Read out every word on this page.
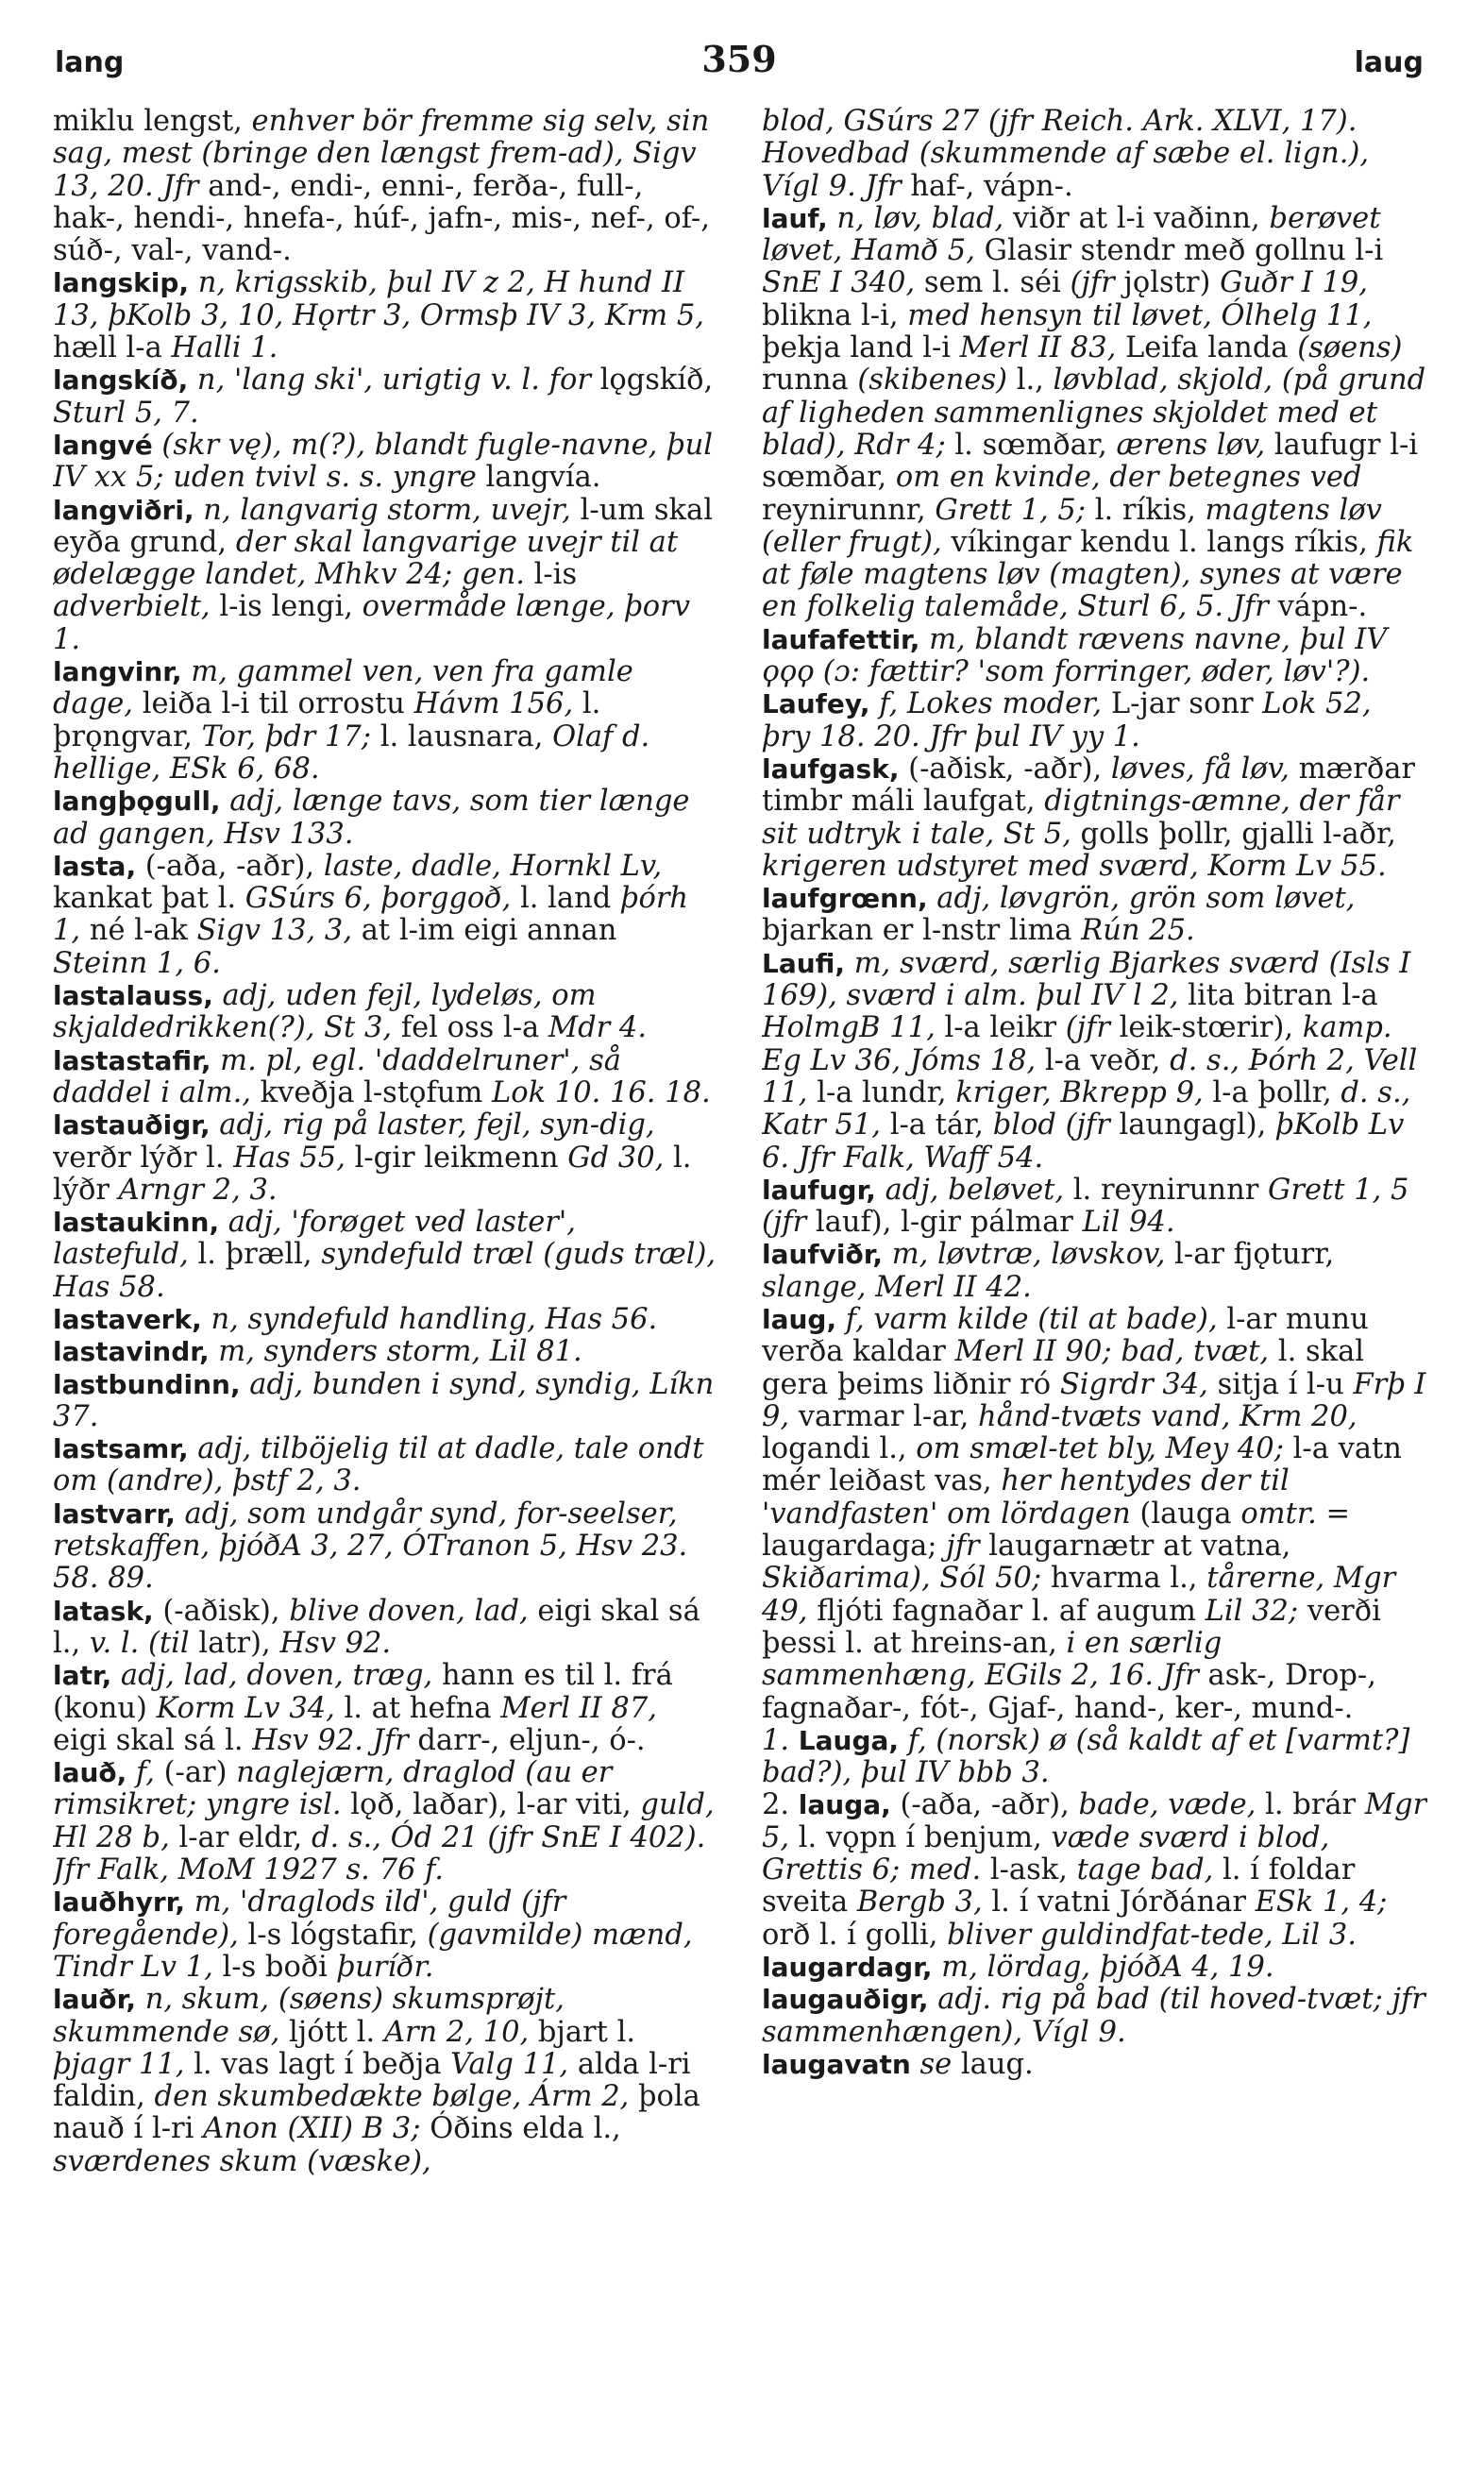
lang	359	laug

miklu lengst, enhver bör fremme sig selv, sin sag, mest (bringe den længst frem-ad), Sigv 13, 20. Jfr and-, endi-, enni-, ferða-, full-, hak-, hendi-, hnefa-, húf-, jafn-, mis-, nef-, of-, súð-, val-, vand-.

langskip, n, krigsskib, þul IV z 2, H hund II 13, þKolb 3, 10, Hǫrtr 3, Ormsþ IV 3, Krm 5, hæll l-a Halli 1.

langskíð, n, 'lang ski', urigtig v. l. for lǫgskíð, Sturl 5, 7.

langvé (skr vę), m(?), blandt fugle-navne, þul IV xx 5; uden tvivl s. s. yngre langvía.

langviðri, n, langvarig storm, uvejr, l-um skal eyða grund, der skal langvarige uvejr til at ødelægge landet, Mhkv 24; gen. l-is adverbielt, l-is lengi, overmåde længe, þorv 1.

langvinr, m, gammel ven, ven fra gamle dage, leiða l-i til orrostu Hávm 156, l. þrǫngvar, Tor, þdr 17; l. lausnara, Olaf d. hellige, ESk 6, 68.

langþǫgull, adj, længe tavs, som tier længe ad gangen, Hsv 133.

lasta, (-aða, -aðr), laste, dadle, Hornkl Lv, kankat þat l. GSúrs 6, þorggoð, l. land þórh 1, né l-ak Sigv 13, 3, at l-im eigi annan Steinn 1, 6.

lastalauss, adj, uden fejl, lydeløs, om skjaldedrikken(?), St 3, fel oss l-a Mdr 4.

lastastafir, m. pl, egl. 'daddelruner', så daddel i alm., kveðja l-stǫfum Lok 10. 16. 18.

lastauðigr, adj, rig på laster, fejl, syn-dig, verðr lýðr l. Has 55, l-gir leikmenn Gd 30, l. lýðr Arngr 2, 3.

lastaukinn, adj, 'forøget ved laster', lastefuld, l. þræll, syndefuld træl (guds træl), Has 58.

lastaverk, n, syndefuld handling, Has 56.

lastavindr, m, synders storm, Lil 81.

lastbundinn, adj, bunden i synd, syndig, Líkn 37.

lastsamr, adj, tilböjelig til at dadle, tale ondt om (andre), þstf 2, 3.

lastvarr, adj, som undgår synd, for-seelser, retskaffen, þjóðA 3, 27, ÓTranon 5, Hsv 23. 58. 89.

latask, (-aðisk), blive doven, lad, eigi skal sá l., v. l. (til latr), Hsv 92.

latr, adj, lad, doven, træg, hann es til l. frá (konu) Korm Lv 34, l. at hefna Merl II 87, eigi skal sá l. Hsv 92. Jfr darr-, eljun-, ó-.

lauð, f, (-ar) naglejærn, draglod (au er rimsikret; yngre isl. lǫð, laðar), l-ar viti, guld, Hl 28 b, l-ar eldr, d. s., Ód 21 (jfr SnE I 402). Jfr Falk, MoM 1927 s. 76 f.

lauðhyrr, m, 'draglods ild', guld (jfr foregående), l-s lógstafir, (gavmilde) mænd, Tindr Lv 1, l-s boði þuríðr.

lauðr, n, skum, (søens) skumsprøjt, skummende sø, ljótt l. Arn 2, 10, bjart l. þjagr 11, l. vas lagt í beðja Valg 11, alda l-ri faldin, den skumbedækte bølge, Árm 2, þola nauð í l-ri Anon (XII) B 3; Óðins elda l., sværdenes skum (væske),

blod, GSúrs 27 (jfr Reich. Ark. XLVI, 17). Hovedbad (skummende af sæbe el. lign.), Vígl 9. Jfr haf-, vápn-.

lauf, n, løv, blad, viðr at l-i vaðinn, berøvet løvet, Hamð 5, Glasir stendr með gollnu l-i SnE I 340, sem l. séi (jfr jǫlstr) Guðr I 19, blikna l-i, med hensyn til løvet, Ólhelg 11, þekja land l-i Merl II 83, Leifa landa (søens) runna (skibenes) l., løvblad, skjold, (på grund af ligheden sammenlignes skjoldet med et blad), Rdr 4; l. sœmðar, ærens løv, laufugr l-i sœmðar, om en kvinde, der betegnes ved reynirunnr, Grett 1, 5; l. ríkis, magtens løv (eller frugt), víkingar kendu l. langs ríkis, fik at føle magtens løv (magten), synes at være en folkelig talemåde, Sturl 6, 5. Jfr vápn-.

laufafettir, m, blandt rævens navne, þul IV ϙϙϙ (ɔ: fættir? 'som forringer, øder, løv'?).

Laufey, f, Lokes moder, L-jar sonr Lok 52, þry 18. 20. Jfr þul IV yy 1.

laufgask, (-aðisk, -aðr), løves, få løv, mærðar timbr máli laufgat, digtnings-æmne, der får sit udtryk i tale, St 5, golls þollr, gjalli l-aðr, krigeren udstyret med sværd, Korm Lv 55.

laufgrœnn, adj, løvgrön, grön som løvet, bjarkan er l-nstr lima Rún 25.

Laufi, m, sværd, særlig Bjarkes sværd (Isls I 169), sværd i alm. þul IV l 2, lita bitran l-a HolmgB 11, l-a leikr (jfr leik-stœrir), kamp. Eg Lv 36, Jóms 18, l-a veðr, d. s., Þórh 2, Vell 11, l-a lundr, kriger, Bkrepp 9, l-a þollr, d. s., Katr 51, l-a tár, blod (jfr laungagl), þKolb Lv 6. Jfr Falk, Waff 54.

laufugr, adj, beløvet, l. reynirunnr Grett 1, 5 (jfr lauf), l-gir pálmar Lil 94.

laufviðr, m, løvtræ, løvskov, l-ar fjǫturr, slange, Merl II 42.

laug, f, varm kilde (til at bade), l-ar munu verða kaldar Merl II 90; bad, tvæt, l. skal gera þeims liðnir ró Sigrdr 34, sitja í l-u Frþ I 9, varmar l-ar, hånd-tvæts vand, Krm 20, logandi l., om smæl-tet bly, Mey 40; l-a vatn mér leiðast vas, her hentydes der til 'vandfasten' om lördagen (lauga omtr. = laugardaga; jfr laugarnætr at vatna, Skiðarima), Sól 50; hvarma l., tårerne, Mgr 49, fljóti fagnaðar l. af augum Lil 32; verði þessi l. at hreins-an, i en særlig sammenhæng, EGils 2, 16. Jfr ask-, Drop-, fagnaðar-, fót-, Gjaf-, hand-, ker-, mund-.

1. Lauga, f, (norsk) ø (så kaldt af et [varmt?] bad?), þul IV bbb 3.

2. lauga, (-aða, -aðr), bade, væde, l. brár Mgr 5, l. vǫpn í benjum, væde sværd i blod, Grettis 6; med. l-ask, tage bad, l. í foldar sveita Bergb 3, l. í vatni Jórðánar ESk 1, 4; orð l. í golli, bliver guldindfat-tede, Lil 3.

laugardagr, m, lördag, þjóðA 4, 19.

laugauðigr, adj. rig på bad (til hoved-tvæt; jfr sammenhængen), Vígl 9.

laugavatn se laug.
